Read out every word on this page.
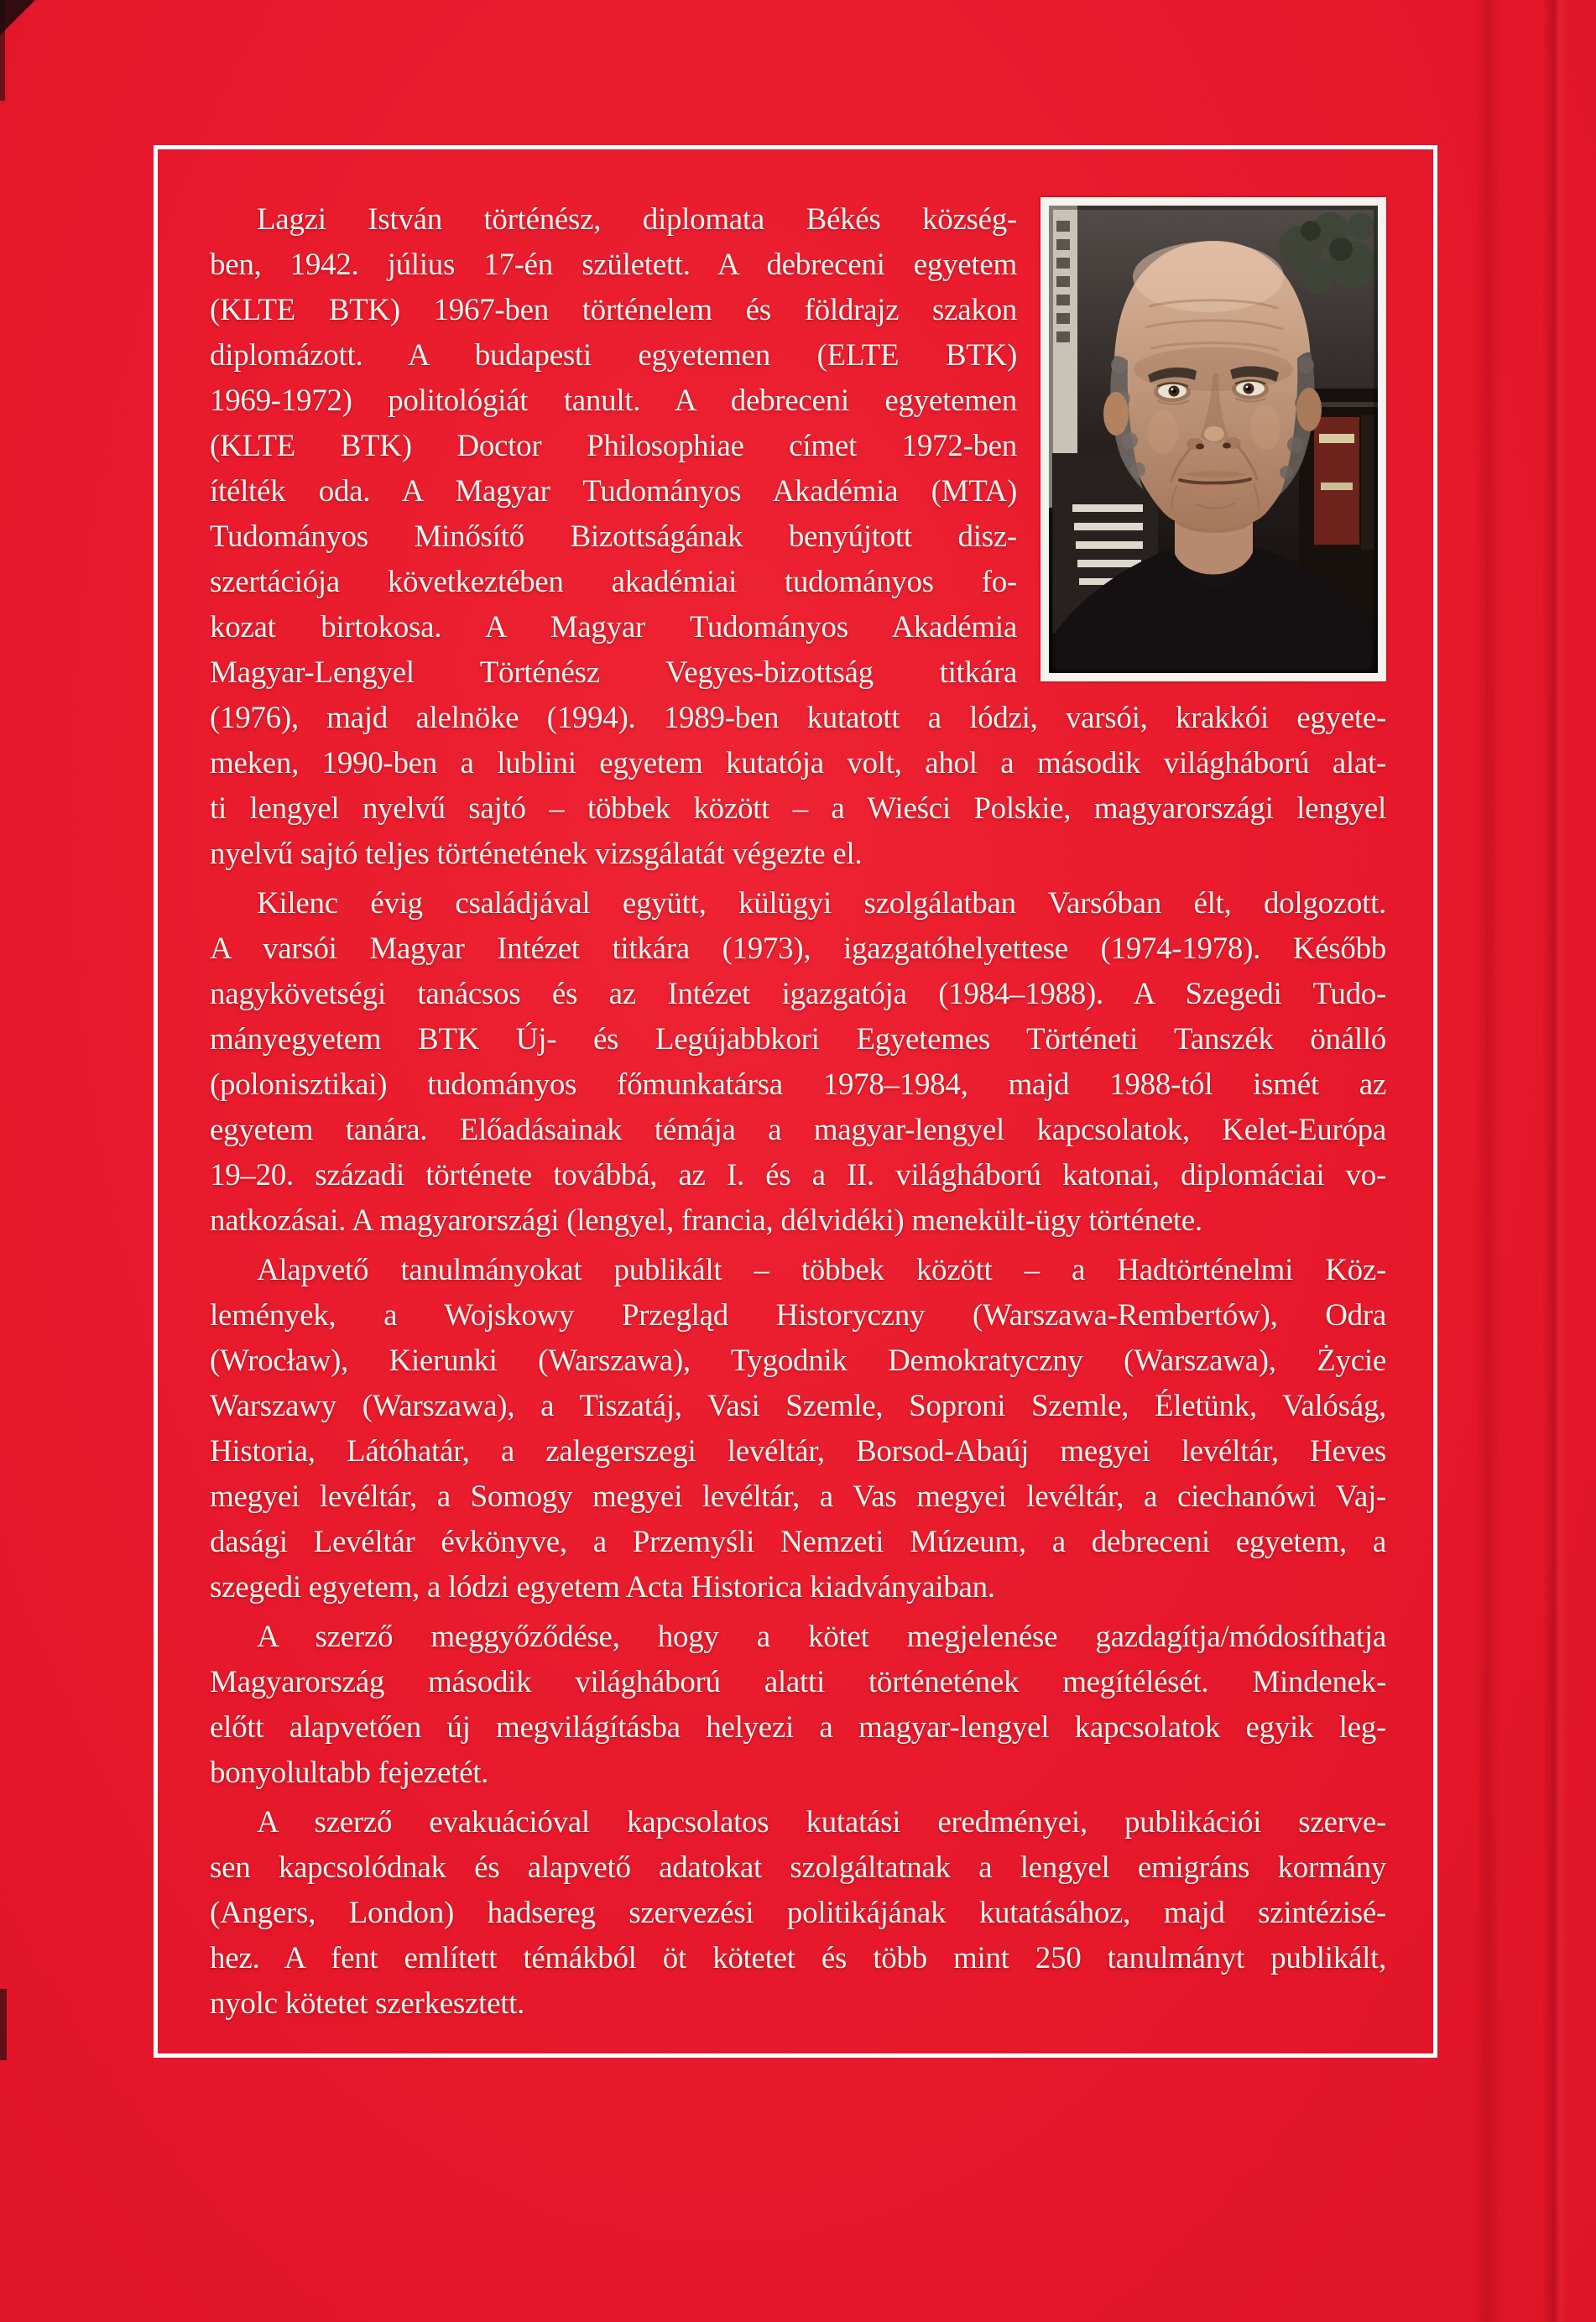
Lagzi István történész, diplomata Békés község-
ben, 1942. július 17-én született. A debreceni egyetem
(KLTE BTK) 1967-ben történelem és földrajz szakon
diplomázott. A budapesti egyetemen (ELTE BTK)
1969-1972) politológiát tanult. A debreceni egyetemen
(KLTE BTK) Doctor Philosophiae címet 1972-ben
ítélték oda. A Magyar Tudományos Akadémia (MTA)
Tudományos Minősítő Bizottságának benyújtott disz-
szertációja következtében akadémiai tudományos fo-
kozat birtokosa. A Magyar Tudományos Akadémia
Magyar-Lengyel Történész Vegyes-bizottság titkára
(1976), majd alelnöke (1994). 1989-ben kutatott a lódzi, varsói, krakkói egyete-
meken, 1990-ben a lublini egyetem kutatója volt, ahol a második világháború alat-
ti lengyel nyelvű sajtó – többek között – a Wieści Polskie, magyarországi lengyel
nyelvű sajtó teljes történetének vizsgálatát végezte el.
Kilenc évig családjával együtt, külügyi szolgálatban Varsóban élt, dolgozott.
A varsói Magyar Intézet titkára (1973), igazgatóhelyettese (1974-1978). Később
nagykövetségi tanácsos és az Intézet igazgatója (1984–1988). A Szegedi Tudo-
mányegyetem BTK Új- és Legújabbkori Egyetemes Történeti Tanszék önálló
(polonisztikai) tudományos főmunkatársa 1978–1984, majd 1988-tól ismét az
egyetem tanára. Előadásainak témája a magyar-lengyel kapcsolatok, Kelet-Európa
19–20. századi története továbbá, az I. és a II. világháború katonai, diplomáciai vo-
natkozásai. A magyarországi (lengyel, francia, délvidéki) menekült-ügy története.
Alapvető tanulmányokat publikált – többek között – a Hadtörténelmi Köz-
lemények, a Wojskowy Przegląd Historyczny (Warszawa-Rembertów), Odra
(Wrocław), Kierunki (Warszawa), Tygodnik Demokratyczny (Warszawa), Życie
Warszawy (Warszawa), a Tiszatáj, Vasi Szemle, Soproni Szemle, Életünk, Valóság,
Historia, Látóhatár, a zalegerszegi levéltár, Borsod-Abaúj megyei levéltár, Heves
megyei levéltár, a Somogy megyei levéltár, a Vas megyei levéltár, a ciechanówi Vaj-
dasági Levéltár évkönyve, a Przemyśli Nemzeti Múzeum, a debreceni egyetem, a
szegedi egyetem, a lódzi egyetem Acta Historica kiadványaiban.
A szerző meggyőződése, hogy a kötet megjelenése gazdagítja/módosíthatja
Magyarország második világháború alatti történetének megítélését. Mindenek-
előtt alapvetően új megvilágításba helyezi a magyar-lengyel kapcsolatok egyik leg-
bonyolultabb fejezetét.
A szerző evakuációval kapcsolatos kutatási eredményei, publikációi szerve-
sen kapcsolódnak és alapvető adatokat szolgáltatnak a lengyel emigráns kormány
(Angers, London) hadsereg szervezési politikájának kutatásához, majd szintézisé-
hez. A fent említett témákból öt kötetet és több mint 250 tanulmányt publikált,
nyolc kötetet szerkesztett.
